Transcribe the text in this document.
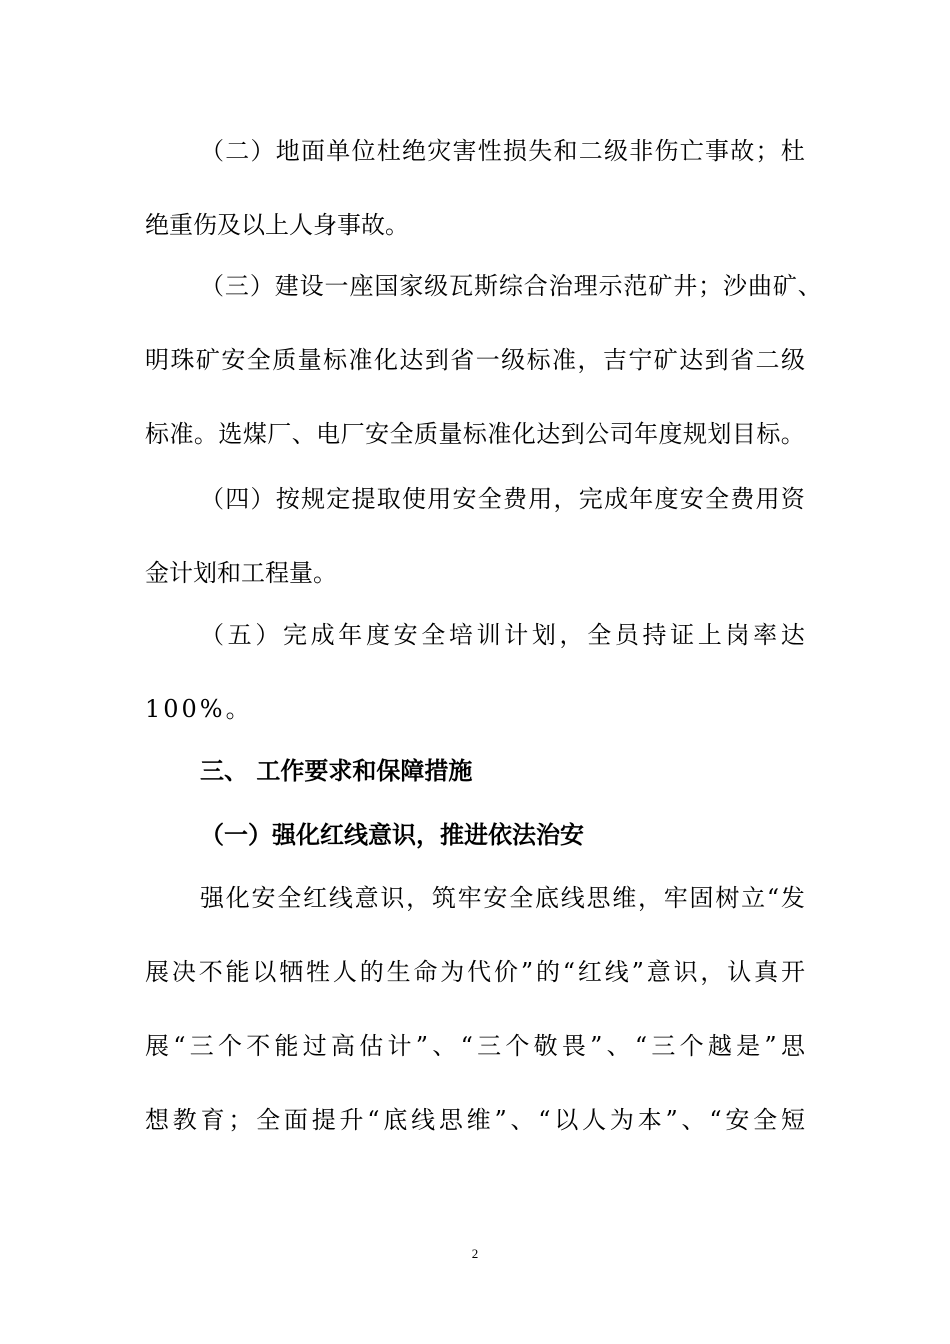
（ 二 ） 地 面 单 位 杜 绝 灾 害 性 损 失 和 二 级 非 伤 亡 事 故 ； 杜
绝重伤及以上人身事故。
（ 三 ） 建 设 一 座 国 家 级 瓦 斯 综 合 治 理 示 范 矿 井 ； 沙 曲 矿 、
明 珠 矿 安 全 质 量 标 准 化 达 到 省 一 级 标 准 ， 吉 宁 矿 达 到 省 二 级
标 准 。 选 煤 厂 、 电 厂 安 全 质 量 标 准 化 达 到 公 司 年 度 规 划 目 标 。
（ 四 ） 按 规 定 提 取 使 用 安 全 费 用 ， 完 成 年 度 安 全 费 用 资
金计划和工程量。
（ 五 ） 完 成 年 度 安 全 培 训 计 划 ， 全 员 持 证 上 岗 率 达
100%。
三、 工作要求和保障措施
（一）强化红线意识，推进依法治安
强 化 安 全 红 线 意 识 ， 筑 牢 安 全 底 线 思 维 ， 牢 固 树 立 “ 发
展 决 不 能 以 牺 牲 人 的 生 命 为 代 价 ” 的 “ 红 线 ” 意 识 ， 认 真 开
展 “ 三 个 不 能 过 高 估 计 ” 、 “ 三 个 敬 畏 ” 、 “ 三 个 越 是 ” 思
想 教 育 ； 全 面 提 升 “ 底 线 思 维 ” 、 “ 以 人 为 本 ” 、 “ 安 全 短
2
